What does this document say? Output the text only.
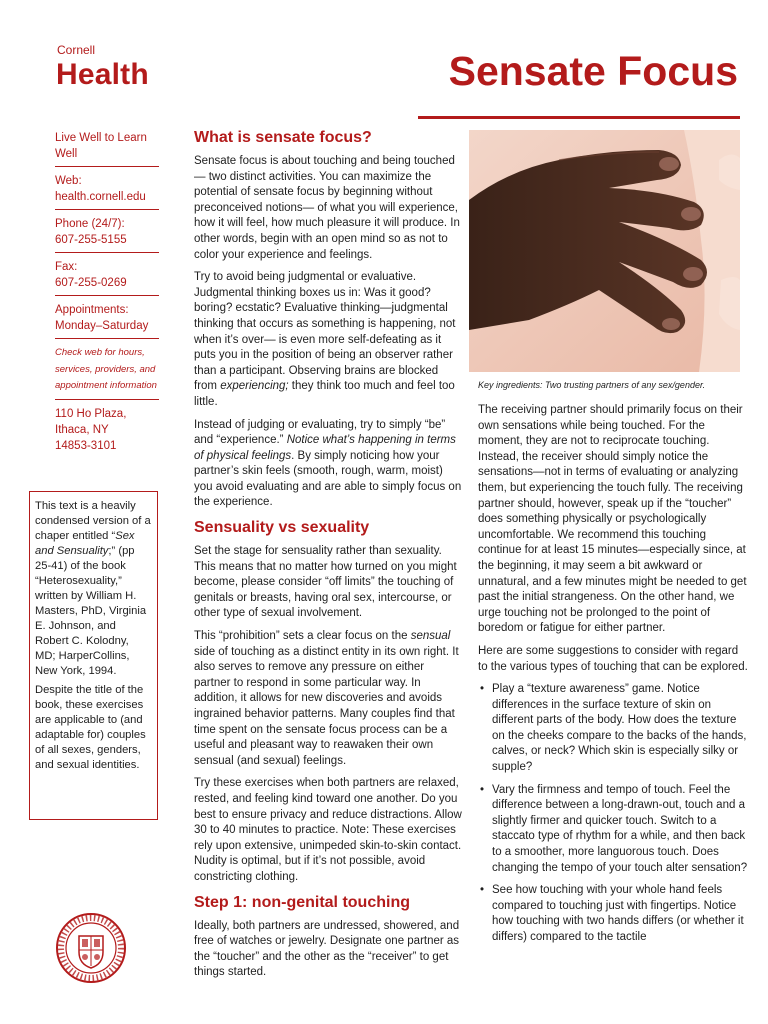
Cornell
Health	Sensate Focus
Live Well to Learn Well
Web:
health.cornell.edu
Phone (24/7):
607-255-5155
Fax:
607-255-0269
Appointments:
Monday–Saturday
Check web for hours, services, providers, and appointment information
110 Ho Plaza,
Ithaca, NY
14853-3101

This text is a heavily condensed version of a chaper entitled “Sex and Sensuality;” (pp 25-41) of the book “Heterosexuality,” written by William H. Masters, PhD, Virginia E. Johnson, and Robert C. Kolodny, MD; HarperCollins, New York, 1994.

Despite the title of the book, these exercises are applicable to (and adaptable for) couples of all sexes, genders, and sexual identities.

What is sensate focus?

Sensate focus is about touching and being touched — two distinct activities. You can maximize the potential of sensate focus by beginning without preconceived notions— of what you will experience, how it will feel, how much pleasure it will produce. In other words, begin with an open mind so as not to color your experience and feelings.

Try to avoid being judgmental or evaluative. Judgmental thinking boxes us in: Was it good? boring? ecstatic? Evaluative thinking—judgmental thinking that occurs as something is happening, not when it’s over— is even more self-defeating as it puts you in the position of being an observer rather than a participant. Observing brains are blocked from experiencing; they think too much and feel too little.

Instead of judging or evaluating, try to simply “be” and “experience.” Notice what’s happening in terms of physical feelings. By simply noticing how your partner’s skin feels (smooth, rough, warm, moist) you avoid evaluating and are able to simply focus on the experience.

Sensuality vs sexuality

Set the stage for sensuality rather than sexuality. This means that no matter how turned on you might become, please consider “off limits” the touching of genitals or breasts, having oral sex, intercourse, or other type of sexual involvement.

This “prohibition” sets a clear focus on the sensual side of touching as a distinct entity in its own right. It also serves to remove any pressure on either partner to respond in some particular way. In addition, it allows for new discoveries and avoids ingrained behavior patterns. Many couples find that time spent on the sensate focus process can be a useful and pleasant way to reawaken their own sensual (and sexual) feelings.

Try these exercises when both partners are relaxed, rested, and feeling kind toward one another. Do you best to ensure privacy and reduce distractions. Allow 30 to 40 minutes to practice. Note: These exercises rely upon extensive, unimpeded skin-to-skin contact. Nudity is optimal, but if it’s not possible, avoid constricting clothing.

Step 1: non-genital touching

Ideally, both partners are undressed, showered, and free of watches or jewelry. Designate one partner as the “toucher” and the other as the “receiver” to get things started.

Key ingredients: Two trusting partners of any sex/gender.

The receiving partner should primarily focus on their own sensations while being touched. For the moment, they are not to reciprocate touching. Instead, the receiver should simply notice the sensations—not in terms of evaluating or analyzing them, but experiencing the touch fully. The receiving partner should, however, speak up if the “toucher” does something physically or psychologically uncomfortable. We recommend this touching continue for at least 15 minutes—especially since, at the beginning, it may seem a bit awkward or unnatural, and a few minutes might be needed to get past the initial strangeness. On the other hand, we urge touching not be prolonged to the point of boredom or fatigue for either partner.

Here are some suggestions to consider with regard to the various types of touching that can be explored.

• Play a “texture awareness” game. Notice differences in the surface texture of skin on different parts of the body. How does the texture on the cheeks compare to the backs of the hands, calves, or neck? Which skin is especially silky or supple?

• Vary the firmness and tempo of touch. Feel the difference between a long-drawn-out, touch and a slightly firmer and quicker touch. Switch to a staccato type of rhythm for a while, and then back to a smoother, more languorous touch. Does changing the tempo of your touch alter sensation?

• See how touching with your whole hand feels compared to touching just with fingertips. Notice how touching with two hands differs (or whether it differs) compared to the tactile
